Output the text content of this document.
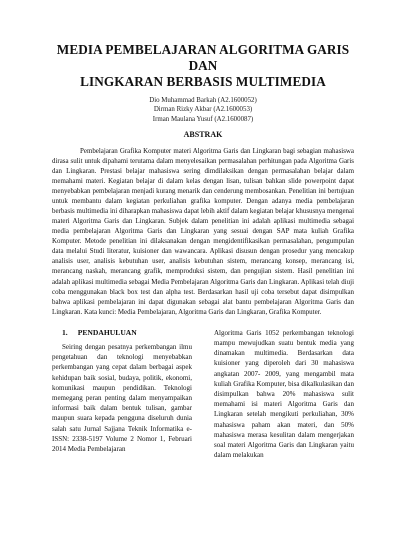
MEDIA PEMBELAJARAN ALGORITMA GARIS DAN
LINGKARAN BERBASIS MULTIMEDIA
Dio Muhammad Barkah (A2.1600052)
Dirman Rizky Akbar (A2.1600053)
Irman Maulana Yusuf (A2.1600087)
ABSTRAK

Pembelajaran Grafika Komputer materi Algoritma Garis dan Lingkaran bagi sebagian mahasiswa dirasa sulit untuk dipahami terutama dalam menyelesaikan permasalahan perhitungan pada Algoritma Garis dan Lingkaran. Prestasi belajar mahasiswa sering dimdilaksikan dengan permasalahan belajar dalam memahami materi. Kegiatan belajar di dalam kelas dengan lisan, tulisan bahkan slide powerpoint dapat menyebabkan pembelajaran menjadi kurang menarik dan cenderung membosankan. Penelitian ini bertujuan untuk membantu dalam kegiatan perkuliahan grafika komputer. Dengan adanya media pembelajaran berbasis multimedia ini diharapkan mahasiswa dapat lebih aktif dalam kegiatan belajar khususnya mengenai materi Algoritma Garis dan Lingkaran. Subjek dalam penelitian ini adalah aplikasi multimedia sebagai media pembelajaran Algoritma Garis dan Lingkaran yang sesuai dengan SAP mata kuliah Grafika Komputer. Metode penelitian ini dilaksanakan dengan mengidentifikasikan permasalahan, pengumpulan data melalui Studi literatur, kuisioner dan wawancara. Aplikasi disusun dengan prosedur yang mencakup analisis user, analisis kebutuhan user, analisis kebutuhan sistem, merancang konsep, merancang isi, merancang naskah, merancang grafik, memproduksi sistem, dan pengujian sistem. Hasil penelitian ini adalah aplikasi multimedia sebagai Media Pembelajaran Algoritma Garis dan Lingkaran. Aplikasi telah diuji coba menggunakan black box test dan alpha test. Berdasarkan hasil uji coba tersebut dapat disimpulkan bahwa aplikasi pembelajaran ini dapat digunakan sebagai alat bantu pembelajaran Algoritma Garis dan Lingkaran. Kata kunci: Media Pembelajaran, Algoritma Garis dan Lingkaran, Grafika Komputer.

1. PENDAHULUAN

Seiring dengan pesatnya perkembangan ilmu pengetahuan dan teknologi menyebabkan perkembangan yang cepat dalam berbagai aspek kehidupan baik sosial, budaya, politik, ekonomi, komunikasi maupun pendidikan. Teknologi memegang peran penting dalam menyampaikan informasi baik dalam bentuk tulisan, gambar maupun suara kepada pengguna diseluruh dunia salah satu Jurnal Sajjana Teknik Informatika e-ISSN: 2338-5197 Volume 2 Nomor 1, Februari 2014 Media Pembelajaran

Algoritma Garis 1052 perkembangan teknologi mampu mewujudkan suatu bentuk media yang dinamakan multimedia. Berdasarkan data kuisioner yang diperoleh dari 30 mahasiswa angkatan 2007- 2009, yang mengambil mata kuliah Grafika Komputer, bisa dikalkulasikan dan disimpulkan bahwa 20% mahasiswa sulit memahami isi materi Algoritma Garis dan Lingkaran setelah mengikuti perkuliahan, 30% mahasiswa paham akan materi, dan 50% mahasiswa merasa kesulitan dalam mengerjakan soal materi Algoritma Garis dan Lingkaran yaitu dalam melakukan
